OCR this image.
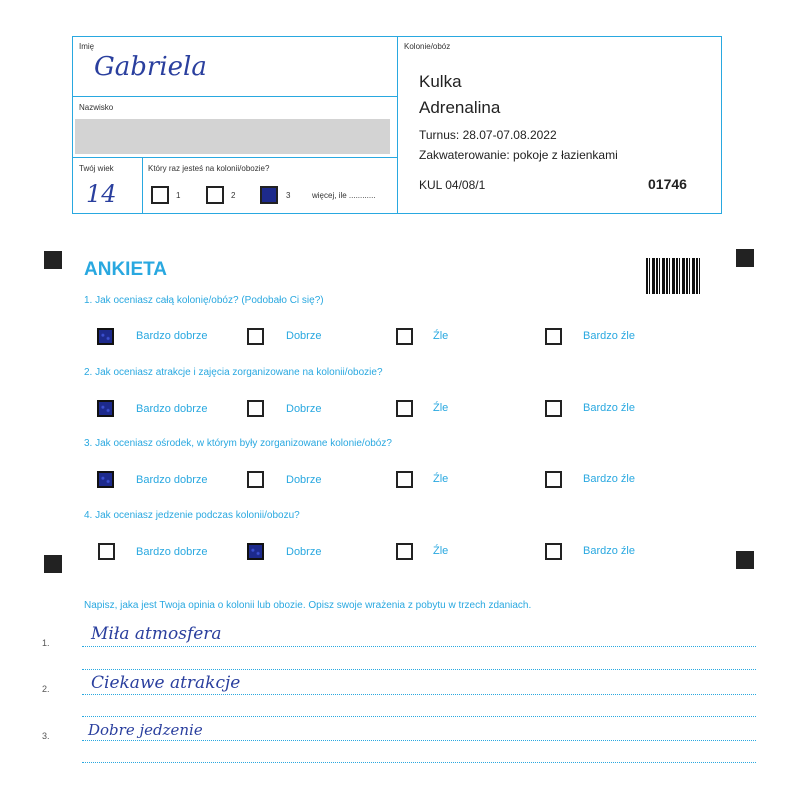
Imię
Gabriela
Nazwisko
Twój wiek
14
Który raz jesteś na kolonii/obozie?
1	2	3	więcej, ile ............
Kolonie/obóz
Kulka
Adrenalina
Turnus: 28.07-07.08.2022
Zakwaterowanie: pokoje z łazienkami
KUL 04/08/1	01746
ANKIETA
1. Jak oceniasz całą kolonię/obóz? (Podobało Ci się?)
Bardzo dobrze	Dobrze	Źle	Bardzo źle
2. Jak oceniasz atrakcje i zajęcia zorganizowane na kolonii/obozie?
Bardzo dobrze	Dobrze	Źle	Bardzo źle
3. Jak oceniasz ośrodek, w którym były zorganizowane kolonie/obóz?
Bardzo dobrze	Dobrze	Źle	Bardzo źle
4. Jak oceniasz jedzenie podczas kolonii/obozu?
Bardzo dobrze	Dobrze	Źle	Bardzo źle
Napisz, jaka jest Twoja opinia o kolonii lub obozie. Opisz swoje wrażenia z pobytu w trzech zdaniach.
1. Miła atmosfera
2. Ciekawe atrakcje
3.	Dobre jedzenie
